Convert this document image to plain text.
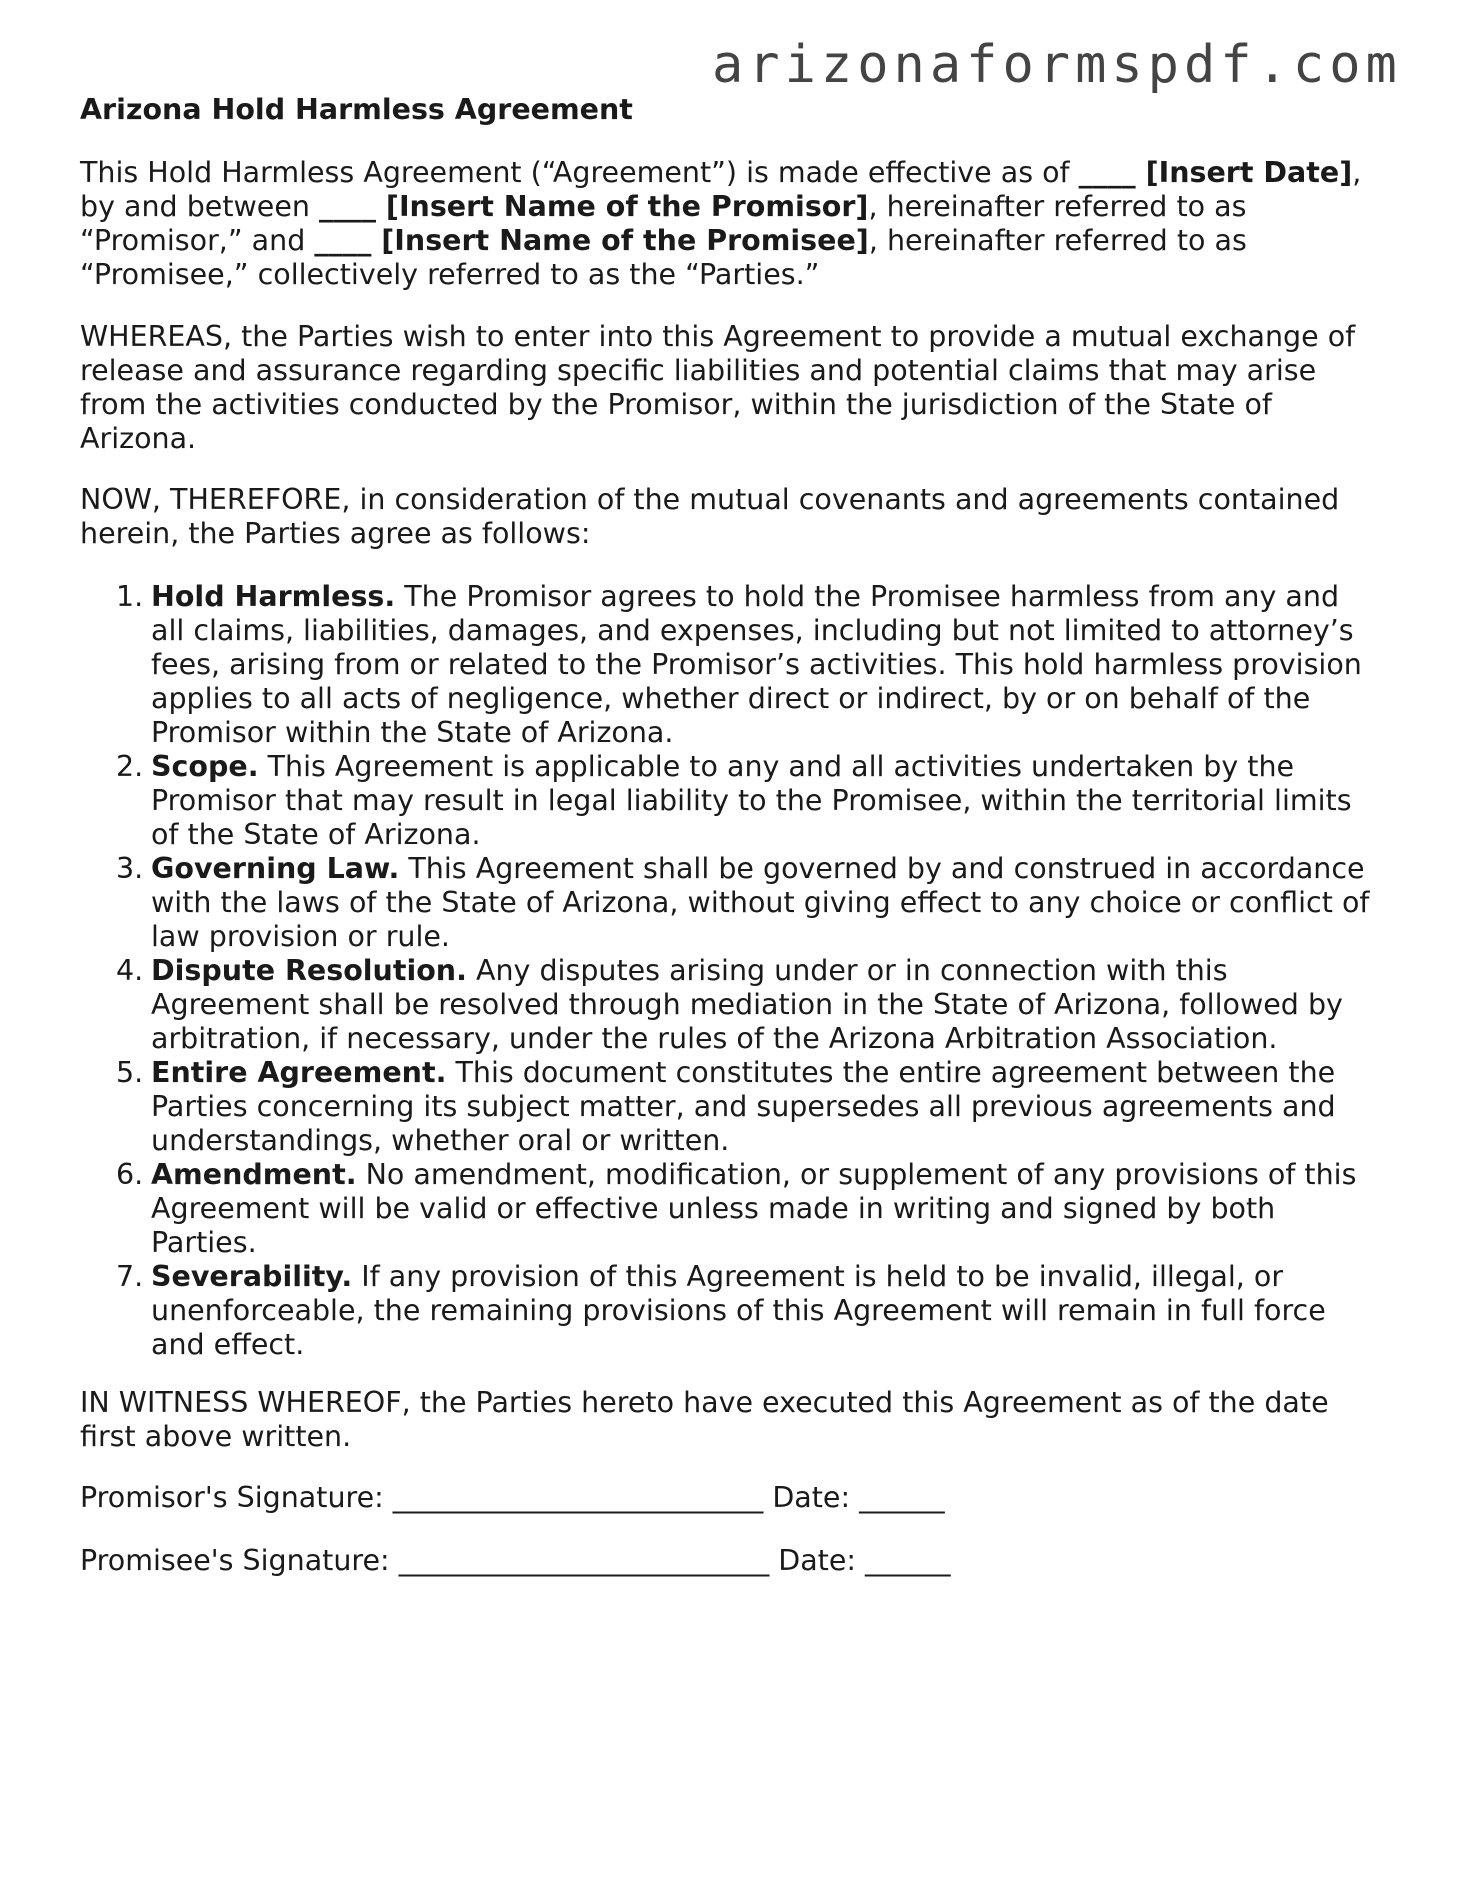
arizonaformspdf.com
Arizona Hold Harmless Agreement
This Hold Harmless Agreement (“Agreement”) is made effective as of ____ [Insert Date], by and between ____ [Insert Name of the Promisor], hereinafter referred to as “Promisor,” and ____ [Insert Name of the Promisee], hereinafter referred to as “Promisee,” collectively referred to as the “Parties.”
WHEREAS, the Parties wish to enter into this Agreement to provide a mutual exchange of release and assurance regarding specific liabilities and potential claims that may arise from the activities conducted by the Promisor, within the jurisdiction of the State of Arizona.
NOW, THEREFORE, in consideration of the mutual covenants and agreements contained herein, the Parties agree as follows:
1. Hold Harmless. The Promisor agrees to hold the Promisee harmless from any and all claims, liabilities, damages, and expenses, including but not limited to attorney’s fees, arising from or related to the Promisor’s activities. This hold harmless provision applies to all acts of negligence, whether direct or indirect, by or on behalf of the Promisor within the State of Arizona.
2. Scope. This Agreement is applicable to any and all activities undertaken by the Promisor that may result in legal liability to the Promisee, within the territorial limits of the State of Arizona.
3. Governing Law. This Agreement shall be governed by and construed in accordance with the laws of the State of Arizona, without giving effect to any choice or conflict of law provision or rule.
4. Dispute Resolution. Any disputes arising under or in connection with this Agreement shall be resolved through mediation in the State of Arizona, followed by arbitration, if necessary, under the rules of the Arizona Arbitration Association.
5. Entire Agreement. This document constitutes the entire agreement between the Parties concerning its subject matter, and supersedes all previous agreements and understandings, whether oral or written.
6. Amendment. No amendment, modification, or supplement of any provisions of this Agreement will be valid or effective unless made in writing and signed by both Parties.
7. Severability. If any provision of this Agreement is held to be invalid, illegal, or unenforceable, the remaining provisions of this Agreement will remain in full force and effect.
IN WITNESS WHEREOF, the Parties hereto have executed this Agreement as of the date first above written.
Promisor's Signature: __________________________ Date: ______
Promisee's Signature: __________________________ Date: ______
